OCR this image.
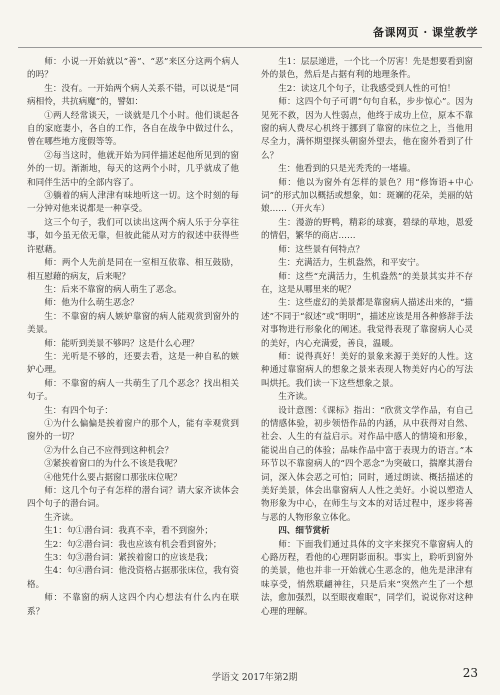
备课网页 · 课堂教学

师：小说一开始就以“善”、“恶”来区分这两个病人的吗？

生：没有。一开始两个病人关系不错，可以说是“同病相怜，共抗病魔”的，譬如：

①两人经常谈天，一谈就是几个小时。他们谈起各自的家庭妻小，各自的工作，各自在战争中做过什么，曾在哪些地方度假等等。

②每当这时，他就开始为同伴描述起他所见到的窗外的一切。渐渐地，每天的这两个小时，几乎就成了他和同伴生活中的全部内容了。

③躺着的病人津津有味地听这一切。这个时刻的每一分钟对他来说都是一种享受。

这三个句子，我们可以读出这两个病人乐于分享往事，如今虽无依无靠，但彼此能从对方的叙述中获得些许慰藉。

师：两个人先前是同在一室相互依靠、相互鼓励，相互慰藉的病友，后来呢？

生：后来不靠窗的病人萌生了恶念。

师：他为什么萌生恶念？

生：不靠窗的病人嫉妒靠窗的病人能观赏到窗外的美景。

师：能听到美景不够吗？这是什么心理？

生：光听是不够的，还要去看，这是一种自私的嫉妒心理。

师：不靠窗的病人一共萌生了几个恶念？找出相关句子。

生：有四个句子：

①为什么偏偏是挨着窗户的那个人，能有幸观赏到窗外的一切？

②为什么自己不应得到这种机会？

③紧挨着窗口的为什么不该是我呢？

④他凭什么要占据窗口那张床位呢？

师：这几个句子有怎样的潜台词？请大家齐读体会四个句子的潜台词。

生齐读。

生1：句①潜台词：我真不幸，看不到窗外；

生2：句②潜台词：我也应该有机会看到窗外；

生3：句③潜台词：紧挨着窗口的应该是我；

生4：句④潜台词：他没资格占据那张床位，我有资格。

师：不靠窗的病人这四个内心想法有什么内在联系？

生1：层层递进，一个比一个厉害！先是想要看到窗外的景色，然后是占据有利的地理条件。

生2：读这几个句子，让我感受到人性的可怕！

师：这四个句子可谓“句句自私，步步惊心”。因为见死不救，因为人性弱点，他终于成功上位，原本不靠窗的病人费尽心机终于挪到了靠窗的床位之上，当他用尽全力，满怀期望探头朝窗外望去，他在窗外看到了什么？

生：他看到的只是光秃秃的一堵墙。

师：他以为窗外有怎样的景色？用“修饰语+中心词”的形式加以概括或想象，如：斑斓的花朵，美丽的姑娘……（开火车）

生：漫游的野鸭，精彩的球赛，碧绿的草地，恩爱的情侣，繁华的商店……

师：这些景有何特点？

生：充满活力，生机盎然，和平安宁。

师：这些“充满活力，生机盎然”的美景其实并不存在，这是从哪里来的呢？

生：这些虚幻的美景都是靠窗病人描述出来的，“描述”不同于“叙述”或“明明”，描述应该是用各种修辞手法对事物进行形象化的阐述。我觉得表现了靠窗病人心灵的美好，内心充满爱，善良，温暖。

师：说得真好！美好的景象来源于美好的人性。这种通过靠窗病人的想象之景来表现人物美好内心的写法叫烘托。我们读一下这些想象之景。

生齐读。

设计意图：《课标》指出：“欣赏文学作品，有自己的情感体验，初步领悟作品的内涵，从中获得对自然、社会、人生的有益启示。对作品中感人的情境和形象，能说出自己的体验；品味作品中富于表现力的语言。”本环节以不靠窗病人的“四个恶念”为突破口，揣摩其潜台词，深入体会恶之可怕；同时，通过朗读、概括描述的美好美景，体会出靠窗病人人性之美好。小说以塑造人物形象为中心，在师生与文本的对话过程中，逐步将善与恶的人物形象立体化。

四、细节赏析

师：下面我们通过具体的文字来探究不靠窗病人的心路历程，看他的心理阴影面积。事实上，聆听到窗外的美景，他也并非一开始就心生恶念的，他先是津津有味享受，悄然联翩神往，只是后来“突然产生了一个想法，愈加强烈，以至眼夜难眠”，同学们，说说你对这种心理的理解。

学语文 2017年第2期	23
